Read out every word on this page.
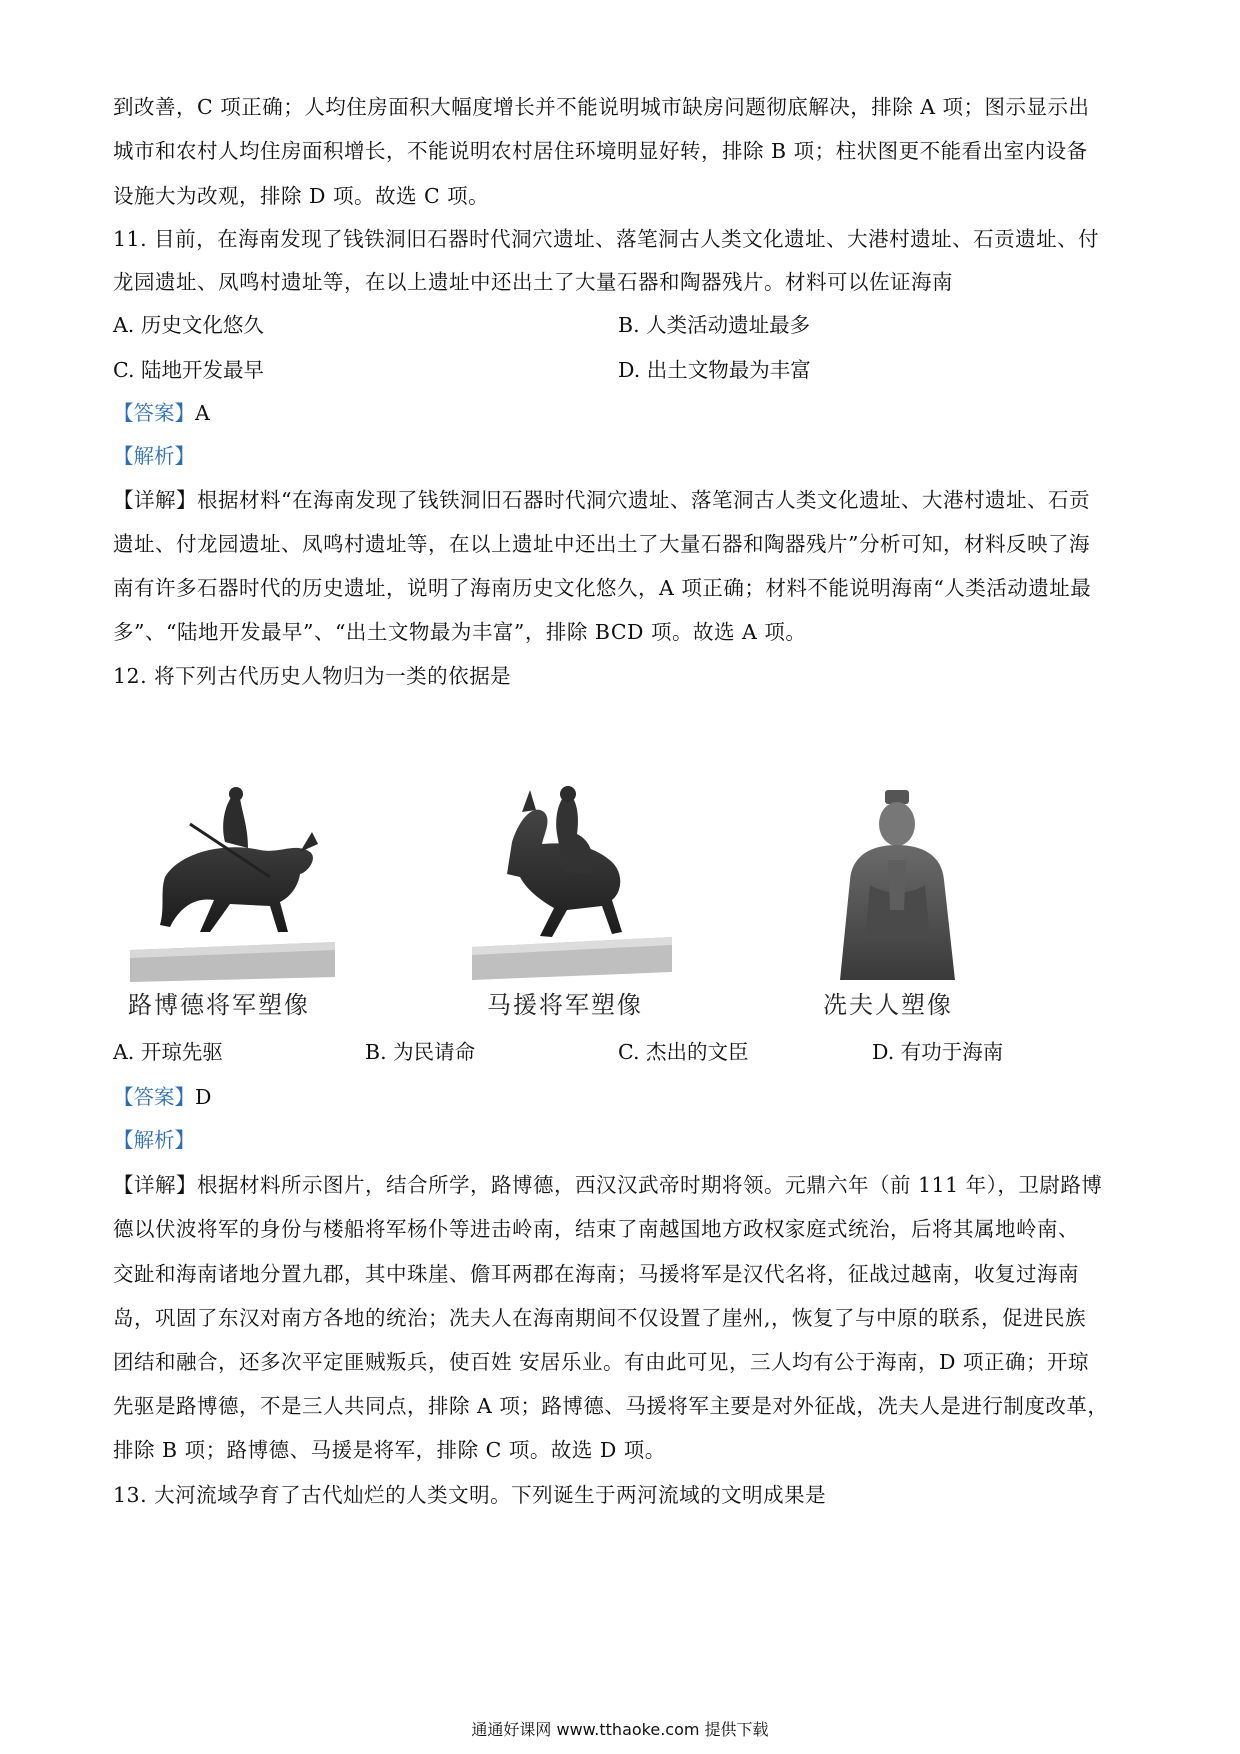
到改善，C 项正确；人均住房面积大幅度增长并不能说明城市缺房问题彻底解决，排除 A 项；图示显示出
城市和农村人均住房面积增长，不能说明农村居住环境明显好转，排除 B 项；柱状图更不能看出室内设备
设施大为改观，排除 D 项。故选 C 项。
11. 目前，在海南发现了钱铁洞旧石器时代洞穴遗址、落笔洞古人类文化遗址、大港村遗址、石贡遗址、付
龙园遗址、凤鸣村遗址等，在以上遗址中还出土了大量石器和陶器残片。材料可以佐证海南
A. 历史文化悠久	B. 人类活动遗址最多
C. 陆地开发最早	D. 出土文物最为丰富
【答案】A
【解析】
【详解】根据材料“在海南发现了钱铁洞旧石器时代洞穴遗址、落笔洞古人类文化遗址、大港村遗址、石贡
遗址、付龙园遗址、凤鸣村遗址等，在以上遗址中还出土了大量石器和陶器残片”分析可知，材料反映了海
南有许多石器时代的历史遗址，说明了海南历史文化悠久，A 项正确；材料不能说明海南“人类活动遗址最
多”、“陆地开发最早”、“出土文物最为丰富”，排除 BCD 项。故选 A 项。
12. 将下列古代历史人物归为一类的依据是
路博德将军塑像	马援将军塑像	冼夫人塑像
A. 开琼先驱	B. 为民请命	C. 杰出的文臣	D. 有功于海南
【答案】D
【解析】
【详解】根据材料所示图片，结合所学，路博德，西汉汉武帝时期将领。元鼎六年（前 111 年），卫尉路博
德以伏波将军的身份与楼船将军杨仆等进击岭南，结束了南越国地方政权家庭式统治，后将其属地岭南、
交趾和海南诸地分置九郡，其中珠崖、儋耳两郡在海南；马援将军是汉代名将，征战过越南，收复过海南
岛，巩固了东汉对南方各地的统治；冼夫人在海南期间不仅设置了崖州,，恢复了与中原的联系，促进民族
团结和融合，还多次平定匪贼叛兵，使百姓 安居乐业。有由此可见，三人均有公于海南，D 项正确；开琼
先驱是路博德，不是三人共同点，排除 A 项；路博德、马援将军主要是对外征战，冼夫人是进行制度改革，
排除 B 项；路博德、马援是将军，排除 C 项。故选 D 项。
13. 大河流域孕育了古代灿烂的人类文明。下列诞生于两河流域的文明成果是
通通好课网 www.tthaoke.com 提供下载
